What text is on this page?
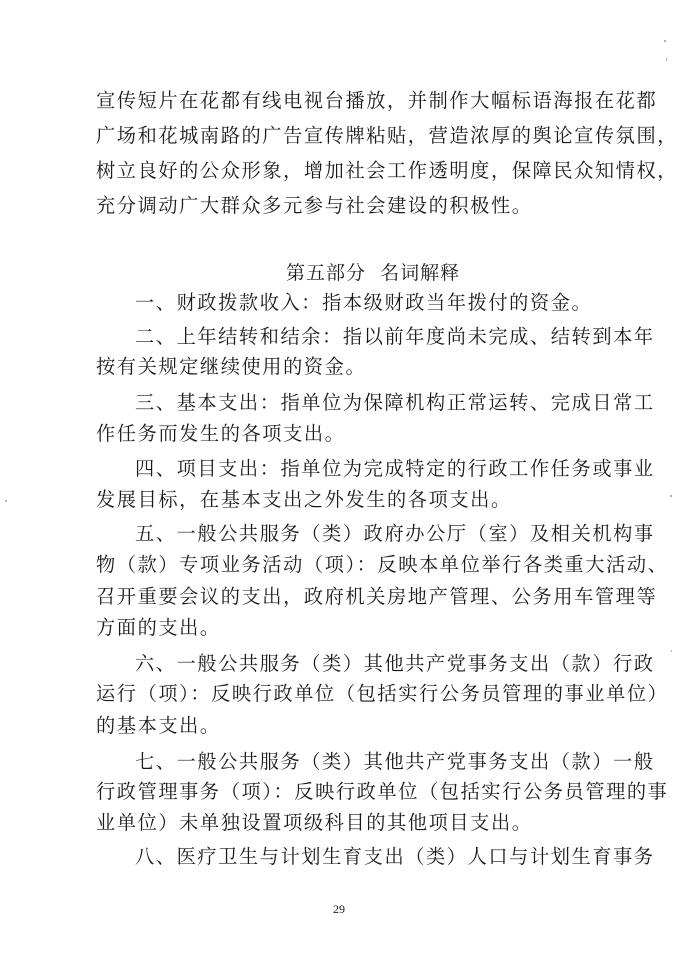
宣传短片在花都有线电视台播放，并制作大幅标语海报在花都
广场和花城南路的广告宣传牌粘贴，营造浓厚的舆论宣传氛围，
树立良好的公众形象，增加社会工作透明度，保障民众知情权，
充分调动广大群众多元参与社会建设的积极性。
第五部分  名词解释
一、财政拨款收入：指本级财政当年拨付的资金。
二、上年结转和结余：指以前年度尚未完成、结转到本年
按有关规定继续使用的资金。
三、基本支出：指单位为保障机构正常运转、完成日常工
作任务而发生的各项支出。
四、项目支出：指单位为完成特定的行政工作任务或事业
发展目标，在基本支出之外发生的各项支出。
五、一般公共服务（类）政府办公厅（室）及相关机构事
物（款）专项业务活动（项）：反映本单位举行各类重大活动、
召开重要会议的支出，政府机关房地产管理、公务用车管理等
方面的支出。
六、一般公共服务（类）其他共产党事务支出（款）行政
运行（项）：反映行政单位（包括实行公务员管理的事业单位）
的基本支出。
七、一般公共服务（类）其他共产党事务支出（款）一般
行政管理事务（项）：反映行政单位（包括实行公务员管理的事
业单位）未单独设置项级科目的其他项目支出。
八、医疗卫生与计划生育支出（类）人口与计划生育事务
29
